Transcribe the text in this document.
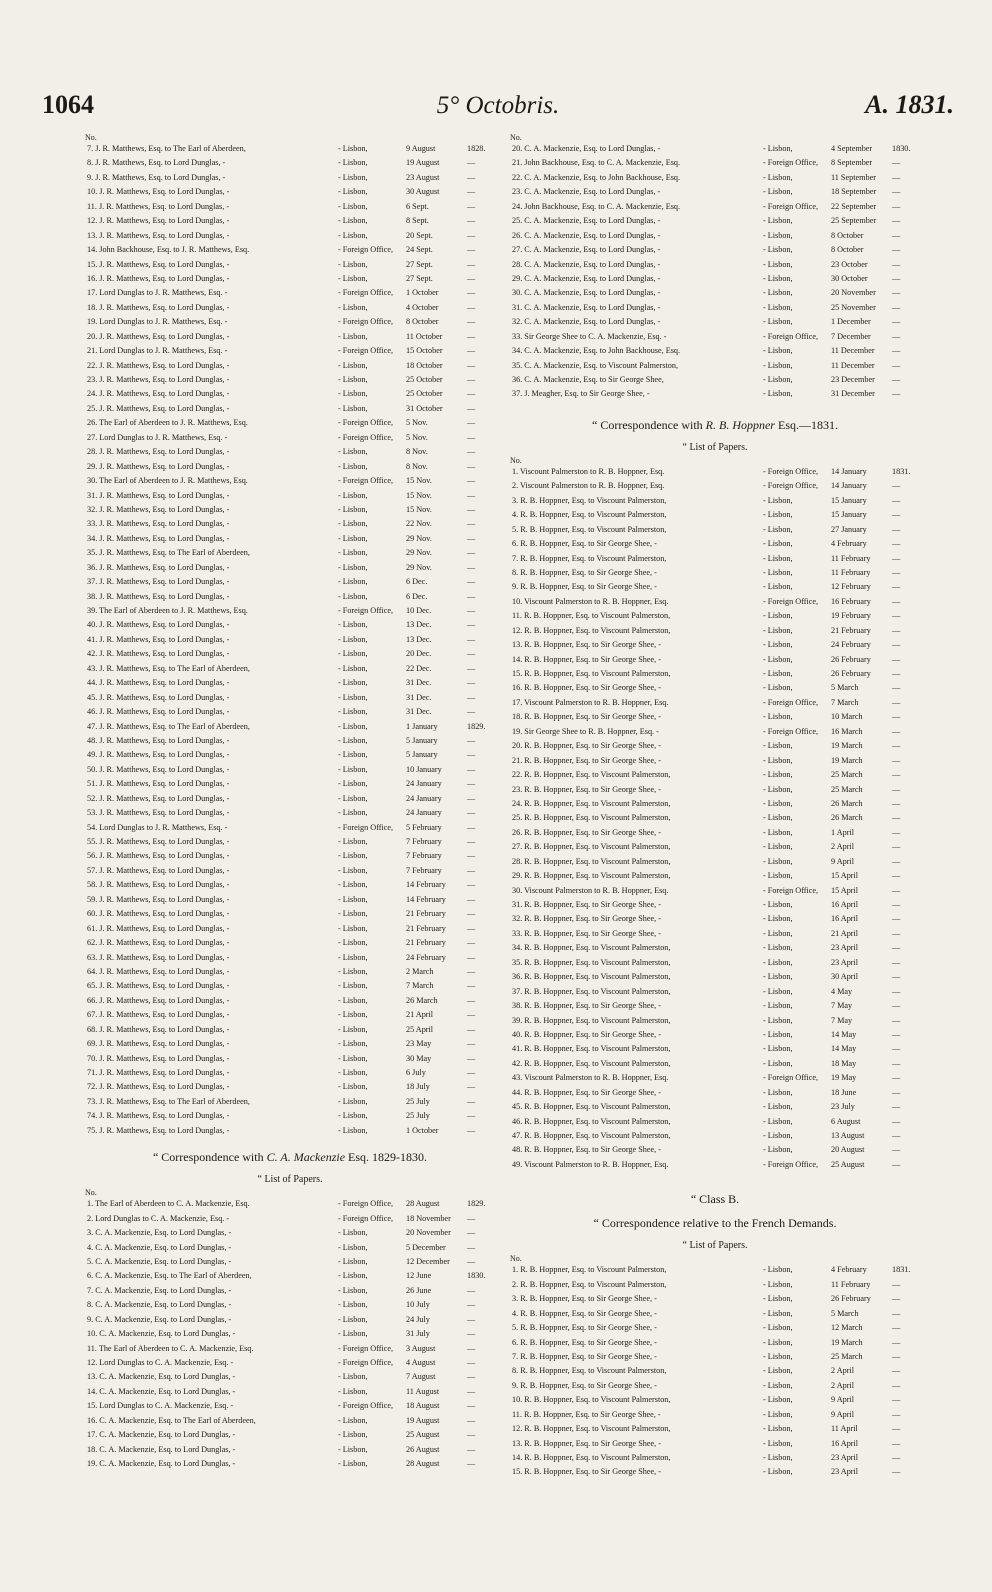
1064	5° Octobris.	A. 1831.
No.
7. J. R. Matthews, Esq. to The Earl of Aberdeen,	- Lisbon,	9 August	1828.
8. J. R. Matthews, Esq. to Lord Dunglas, -	- Lisbon,	19 August	—
9. J. R. Matthews, Esq. to Lord Dunglas, -	- Lisbon,	23 August	—
10. J. R. Matthews, Esq. to Lord Dunglas, -	- Lisbon,	30 August	—
11. J. R. Matthews, Esq. to Lord Dunglas, -	- Lisbon,	6 Sept.	—
12. J. R. Matthews, Esq. to Lord Dunglas, -	- Lisbon,	8 Sept.	—
13. J. R. Matthews, Esq. to Lord Dunglas, -	- Lisbon,	20 Sept.	—
14. John Backhouse, Esq. to J. R. Matthews, Esq.	- Foreign Office, 24 Sept.	—
15. J. R. Matthews, Esq. to Lord Dunglas, -	- Lisbon,	27 Sept.	—
16. J. R. Matthews, Esq. to Lord Dunglas, -	- Lisbon,	27 Sept.	—
17. Lord Dunglas to J. R. Matthews, Esq. -	- Foreign Office, 1 October	—
18. J. R. Matthews, Esq. to Lord Dunglas, -	- Lisbon,	4 October	—
19. Lord Dunglas to J. R. Matthews, Esq. -	- Foreign Office, 8 October	—
20. J. R. Matthews, Esq. to Lord Dunglas, -	- Lisbon,	11 October	—
21. Lord Dunglas to J. R. Matthews, Esq. -	- Foreign Office, 15 October	—
22. J. R. Matthews, Esq. to Lord Dunglas, -	- Lisbon,	18 October	—
23. J. R. Matthews, Esq. to Lord Dunglas, -	- Lisbon,	25 October	—
24. J. R. Matthews, Esq. to Lord Dunglas, -	- Lisbon,	25 October	—
25. J. R. Matthews, Esq. to Lord Dunglas, -	- Lisbon,	31 October	—
26. The Earl of Aberdeen to J. R. Matthews, Esq.	- Foreign Office, 5 Nov.	—
27. Lord Dunglas to J. R. Matthews, Esq. -	- Foreign Office, 5 Nov.	—
28. J. R. Matthews, Esq. to Lord Dunglas, -	- Lisbon,	8 Nov.	—
29. J. R. Matthews, Esq. to Lord Dunglas, -	- Lisbon,	8 Nov.	—
30. The Earl of Aberdeen to J. R. Matthews, Esq.	- Foreign Office, 15 Nov.	—
31. J. R. Matthews, Esq. to Lord Dunglas, -	- Lisbon,	15 Nov.	—
32. J. R. Matthews, Esq. to Lord Dunglas, -	- Lisbon,	15 Nov.	—
33. J. R. Matthews, Esq. to Lord Dunglas, -	- Lisbon,	22 Nov.	—
34. J. R. Matthews, Esq. to Lord Dunglas, -	- Lisbon,	29 Nov.	—
35. J. R. Matthews, Esq. to The Earl of Aberdeen,	- Lisbon,	29 Nov.	—
36. J. R. Matthews, Esq. to Lord Dunglas, -	- Lisbon,	29 Nov.	—
37. J. R. Matthews, Esq. to Lord Dunglas, -	- Lisbon,	6 Dec.	—
38. J. R. Matthews, Esq. to Lord Dunglas, -	- Lisbon,	6 Dec.	—
39. The Earl of Aberdeen to J. R. Matthews, Esq.	- Foreign Office, 10 Dec.	—
40. J. R. Matthews, Esq. to Lord Dunglas, -	- Lisbon,	13 Dec.	—
41. J. R. Matthews, Esq. to Lord Dunglas, -	- Lisbon,	13 Dec.	—
42. J. R. Matthews, Esq. to Lord Dunglas, -	- Lisbon,	20 Dec.	—
43. J. R. Matthews, Esq. to The Earl of Aberdeen,	- Lisbon,	22 Dec.	—
44. J. R. Matthews, Esq. to Lord Dunglas, -	- Lisbon,	31 Dec.	—
45. J. R. Matthews, Esq. to Lord Dunglas, -	- Lisbon,	31 Dec.	—
46. J. R. Matthews, Esq. to Lord Dunglas, -	- Lisbon,	31 Dec.	—
47. J. R. Matthews, Esq. to The Earl of Aberdeen,	- Lisbon,	1 January	1829.
48. J. R. Matthews, Esq. to Lord Dunglas, -	- Lisbon,	5 January	—
49. J. R. Matthews, Esq. to Lord Dunglas, -	- Lisbon,	5 January	—
50. J. R. Matthews, Esq. to Lord Dunglas, -	- Lisbon,	10 January	—
51. J. R. Matthews, Esq. to Lord Dunglas, -	- Lisbon,	24 January	—
52. J. R. Matthews, Esq. to Lord Dunglas, -	- Lisbon,	24 January	—
53. J. R. Matthews, Esq. to Lord Dunglas, -	- Lisbon,	24 January	—
54. Lord Dunglas to J. R. Matthews, Esq. -	- Foreign Office, 5 February	—
55. J. R. Matthews, Esq. to Lord Dunglas, -	- Lisbon,	7 February	—
56. J. R. Matthews, Esq. to Lord Dunglas, -	- Lisbon,	7 February	—
57. J. R. Matthews, Esq. to Lord Dunglas, -	- Lisbon,	7 February	—
58. J. R. Matthews, Esq. to Lord Dunglas, -	- Lisbon,	14 February	—
59. J. R. Matthews, Esq. to Lord Dunglas, -	- Lisbon,	14 February	—
60. J. R. Matthews, Esq. to Lord Dunglas, -	- Lisbon,	21 February	—
61. J. R. Matthews, Esq. to Lord Dunglas, -	- Lisbon,	21 February	—
62. J. R. Matthews, Esq. to Lord Dunglas, -	- Lisbon,	21 February	—
63. J. R. Matthews, Esq. to Lord Dunglas, -	- Lisbon,	24 February	—
64. J. R. Matthews, Esq. to Lord Dunglas, -	- Lisbon,	2 March	—
65. J. R. Matthews, Esq. to Lord Dunglas, -	- Lisbon,	7 March	—
66. J. R. Matthews, Esq. to Lord Dunglas, -	- Lisbon,	26 March	—
67. J. R. Matthews, Esq. to Lord Dunglas, -	- Lisbon,	21 April	—
68. J. R. Matthews, Esq. to Lord Dunglas, -	- Lisbon,	25 April	—
69. J. R. Matthews, Esq. to Lord Dunglas, -	- Lisbon,	23 May	—
70. J. R. Matthews, Esq. to Lord Dunglas, -	- Lisbon,	30 May	—
71. J. R. Matthews, Esq. to Lord Dunglas, -	- Lisbon,	6 July	—
72. J. R. Matthews, Esq. to Lord Dunglas, -	- Lisbon,	18 July	—
73. J. R. Matthews, Esq. to The Earl of Aberdeen,	- Lisbon,	25 July	—
74. J. R. Matthews, Esq. to Lord Dunglas, -	- Lisbon,	25 July	—
75. J. R. Matthews, Esq. to Lord Dunglas, -	- Lisbon,	1 October	—
“ Correspondence with C. A. Mackenzie Esq. 1829-1830.
“ List of Papers.
No.
1. The Earl of Aberdeen to C. A. Mackenzie, Esq.	- Foreign Office, 28 August	1829.
2. Lord Dunglas to C. A. Mackenzie, Esq. -	- Foreign Office, 18 November —
3. C. A. Mackenzie, Esq. to Lord Dunglas, -	- Lisbon,	20 November —
4. C. A. Mackenzie, Esq. to Lord Dunglas, -	- Lisbon,	5 December	—
5. C. A. Mackenzie, Esq. to Lord Dunglas, -	- Lisbon,	12 December —
6. C. A. Mackenzie, Esq. to The Earl of Aberdeen,	- Lisbon,	12 June	1830.
7. C. A. Mackenzie, Esq. to Lord Dunglas, -	- Lisbon,	26 June	—
8. C. A. Mackenzie, Esq. to Lord Dunglas, -	- Lisbon,	10 July	—
9. C. A. Mackenzie, Esq. to Lord Dunglas, -	- Lisbon,	24 July	—
10. C. A. Mackenzie, Esq. to Lord Dunglas, -	- Lisbon,	31 July	—
11. The Earl of Aberdeen to C. A. Mackenzie, Esq.	- Foreign Office, 3 August	—
12. Lord Dunglas to C. A. Mackenzie, Esq. -	- Foreign Office, 4 August	—
13. C. A. Mackenzie, Esq. to Lord Dunglas, -	- Lisbon,	7 August	—
14. C. A. Mackenzie, Esq. to Lord Dunglas, -	- Lisbon,	11 August	—
15. Lord Dunglas to C. A. Mackenzie, Esq. -	- Foreign Office, 18 August	—
16. C. A. Mackenzie, Esq. to The Earl of Aberdeen,	- Lisbon,	19 August	—
17. C. A. Mackenzie, Esq. to Lord Dunglas, -	- Lisbon,	25 August	—
18. C. A. Mackenzie, Esq. to Lord Dunglas, -	- Lisbon,	26 August	—
19. C. A. Mackenzie, Esq. to Lord Dunglas, -	- Lisbon,	28 August	—
No.
20. C. A. Mackenzie, Esq. to Lord Dunglas, -	- Lisbon,	4 September 1830.
21. John Backhouse, Esq. to C. A. Mackenzie, Esq.	- Foreign Office, 8 September —
22. C. A. Mackenzie, Esq. to John Backhouse, Esq.	- Lisbon,	11 September —
23. C. A. Mackenzie, Esq. to Lord Dunglas, -	- Lisbon,	18 September —
24. John Backhouse, Esq. to C. A. Mackenzie, Esq.	- Foreign Office, 22 September —
25. C. A. Mackenzie, Esq. to Lord Dunglas, -	- Lisbon,	25 September —
26. C. A. Mackenzie, Esq. to Lord Dunglas, -	- Lisbon,	8 October	—
27. C. A. Mackenzie, Esq. to Lord Dunglas, -	- Lisbon,	8 October	—
28. C. A. Mackenzie, Esq. to Lord Dunglas, -	- Lisbon,	23 October	—
29. C. A. Mackenzie, Esq. to Lord Dunglas, -	- Lisbon,	30 October	—
30. C. A. Mackenzie, Esq. to Lord Dunglas, -	- Lisbon,	20 November —
31. C. A. Mackenzie, Esq. to Lord Dunglas, -	- Lisbon,	25 November —
32. C. A. Mackenzie, Esq. to Lord Dunglas, -	- Lisbon,	1 December	—
33. Sir George Shee to C. A. Mackenzie, Esq. -	- Foreign Office, 7 December	—
34. C. A. Mackenzie, Esq. to John Backhouse, Esq.	- Lisbon,	11 December —
35. C. A. Mackenzie, Esq. to Viscount Palmerston,	- Lisbon,	11 December —
36. C. A. Mackenzie, Esq. to Sir George Shee,	- Lisbon,	23 December —
37. J. Meagher, Esq. to Sir George Shee, -	- Lisbon,	31 December —
“ Correspondence with R. B. Hoppner Esq.—1831.
“ List of Papers.
No.
1. Viscount Palmerston to R. B. Hoppner, Esq.	- Foreign Office, 14 January	1831.
2. Viscount Palmerston to R. B. Hoppner, Esq.	- Foreign Office, 14 January	—
3. R. B. Hoppner, Esq. to Viscount Palmerston,	- Lisbon,	15 January	—
4. R. B. Hoppner, Esq. to Viscount Palmerston,	- Lisbon,	15 January	—
5. R. B. Hoppner, Esq. to Viscount Palmerston,	- Lisbon,	27 January	—
6. R. B. Hoppner, Esq. to Sir George Shee, -	- Lisbon,	4 February	—
7. R. B. Hoppner, Esq. to Viscount Palmerston,	- Lisbon,	11 February	—
8. R. B. Hoppner, Esq. to Sir George Shee, -	- Lisbon,	11 February	—
9. R. B. Hoppner, Esq. to Sir George Shee, -	- Lisbon,	12 February	—
10. Viscount Palmerston to R. B. Hoppner, Esq.	- Foreign Office, 16 February	—
11. R. B. Hoppner, Esq. to Viscount Palmerston,	- Lisbon,	19 February	—
12. R. B. Hoppner, Esq. to Viscount Palmerston,	- Lisbon,	21 February	—
13. R. B. Hoppner, Esq. to Sir George Shee, -	- Lisbon,	24 February	—
14. R. B. Hoppner, Esq. to Sir George Shee, -	- Lisbon,	26 February	—
15. R. B. Hoppner, Esq. to Viscount Palmerston,	- Lisbon,	26 February	—
16. R. B. Hoppner, Esq. to Sir George Shee, -	- Lisbon,	5 March	—
17. Viscount Palmerston to R. B. Hoppner, Esq.	- Foreign Office, 7 March	—
18. R. B. Hoppner, Esq. to Sir George Shee, -	- Lisbon,	10 March	—
19. Sir George Shee to R. B. Hoppner, Esq. -	- Foreign Office, 16 March	—
20. R. B. Hoppner, Esq. to Sir George Shee, -	- Lisbon,	19 March	—
21. R. B. Hoppner, Esq. to Sir George Shee, -	- Lisbon,	19 March	—
22. R. B. Hoppner, Esq. to Viscount Palmerston,	- Lisbon,	25 March	—
23. R. B. Hoppner, Esq. to Sir George Shee, -	- Lisbon,	25 March	—
24. R. B. Hoppner, Esq. to Viscount Palmerston,	- Lisbon,	26 March	—
25. R. B. Hoppner, Esq. to Viscount Palmerston,	- Lisbon,	26 March	—
26. R. B. Hoppner, Esq. to Sir George Shee, -	- Lisbon,	1 April	—
27. R. B. Hoppner, Esq. to Viscount Palmerston,	- Lisbon,	2 April	—
28. R. B. Hoppner, Esq. to Viscount Palmerston,	- Lisbon,	9 April	—
29. R. B. Hoppner, Esq. to Viscount Palmerston,	- Lisbon,	15 April	—
30. Viscount Palmerston to R. B. Hoppner, Esq.	- Foreign Office, 15 April	—
31. R. B. Hoppner, Esq. to Sir George Shee, -	- Lisbon,	16 April	—
32. R. B. Hoppner, Esq. to Sir George Shee, -	- Lisbon,	16 April	—
33. R. B. Hoppner, Esq. to Sir George Shee, -	- Lisbon,	21 April	—
34. R. B. Hoppner, Esq. to Viscount Palmerston,	- Lisbon,	23 April	—
35. R. B. Hoppner, Esq. to Viscount Palmerston,	- Lisbon,	23 April	—
36. R. B. Hoppner, Esq. to Viscount Palmerston,	- Lisbon,	30 April	—
37. R. B. Hoppner, Esq. to Viscount Palmerston,	- Lisbon,	4 May	—
38. R. B. Hoppner, Esq. to Sir George Shee, -	- Lisbon,	7 May	—
39. R. B. Hoppner, Esq. to Viscount Palmerston,	- Lisbon,	7 May	—
40. R. B. Hoppner, Esq. to Sir George Shee, -	- Lisbon,	14 May	—
41. R. B. Hoppner, Esq. to Viscount Palmerston,	- Lisbon,	14 May	—
42. R. B. Hoppner, Esq. to Viscount Palmerston,	- Lisbon,	18 May	—
43. Viscount Palmerston to R. B. Hoppner, Esq.	- Foreign Office, 19 May	—
44. R. B. Hoppner, Esq. to Sir George Shee, -	- Lisbon,	18 June	—
45. R. B. Hoppner, Esq. to Viscount Palmerston,	- Lisbon,	23 July	—
46. R. B. Hoppner, Esq. to Viscount Palmerston,	- Lisbon,	6 August	—
47. R. B. Hoppner, Esq. to Viscount Palmerston,	- Lisbon,	13 August	—
48. R. B. Hoppner, Esq. to Sir George Shee, -	- Lisbon,	20 August	—
49. Viscount Palmerston to R. B. Hoppner, Esq.	- Foreign Office, 25 August	—
“ Class B.
“ Correspondence relative to the French Demands.
“ List of Papers.
No.
1. R. B. Hoppner, Esq. to Viscount Palmerston,	- Lisbon,	4 February	1831.
2. R. B. Hoppner, Esq. to Viscount Palmerston,	- Lisbon,	11 February	—
3. R. B. Hoppner, Esq. to Sir George Shee, -	- Lisbon,	26 February	—
4. R. B. Hoppner, Esq. to Sir George Shee, -	- Lisbon,	5 March	—
5. R. B. Hoppner, Esq. to Sir George Shee, -	- Lisbon,	12 March	—
6. R. B. Hoppner, Esq. to Sir George Shee, -	- Lisbon,	19 March	—
7. R. B. Hoppner, Esq. to Sir George Shee, -	- Lisbon,	25 March	—
8. R. B. Hoppner, Esq. to Viscount Palmerston,	- Lisbon,	2 April	—
9. R. B. Hoppner, Esq. to Sir George Shee, -	- Lisbon,	2 April	—
10. R. B. Hoppner, Esq. to Viscount Palmerston,	- Lisbon,	9 April	—
11. R. B. Hoppner, Esq. to Sir George Shee, -	- Lisbon,	9 April	—
12. R. B. Hoppner, Esq. to Viscount Palmerston,	- Lisbon,	11 April	—
13. R. B. Hoppner, Esq. to Sir George Shee, -	- Lisbon,	16 April	—
14. R. B. Hoppner, Esq. to Viscount Palmerston,	- Lisbon,	23 April	—
15. R. B. Hoppner, Esq. to Sir George Shee, -	- Lisbon,	23 April	—
